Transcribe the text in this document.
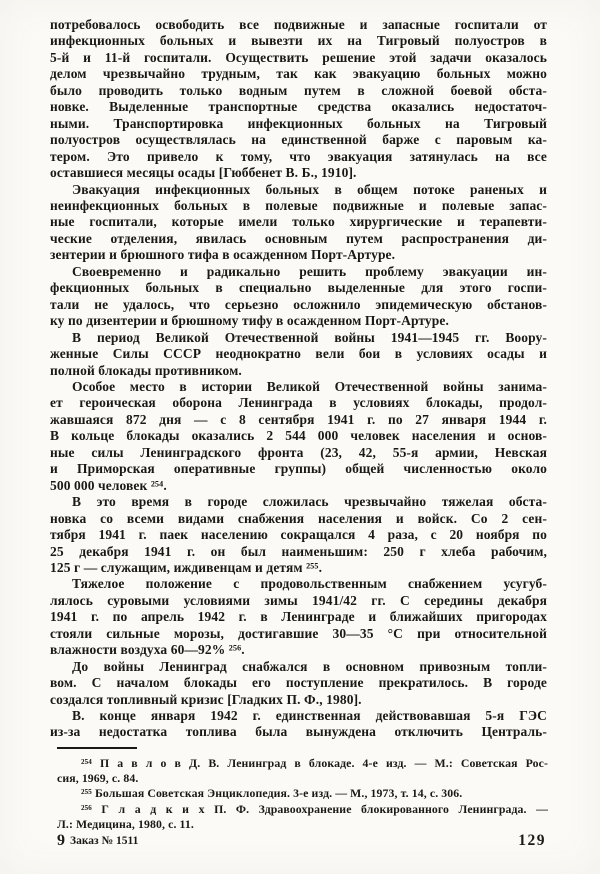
потребовалось освободить все подвижные и запасные госпитали от
инфекционных больных и вывезти их на Тигровый полуостров в
5-й и 11-й госпитали. Осуществить решение этой задачи оказалось
делом чрезвычайно трудным, так как эвакуацию больных можно
было проводить только водным путем в сложной боевой обста-
новке. Выделенные транспортные средства оказались недостаточ-
ными. Транспортировка инфекционных больных на Тигровый
полуостров осуществлялась на единственной барже с паровым ка-
тером. Это привело к тому, что эвакуация затянулась на все
оставшиеся месяцы осады [Гюббенет В. Б., 1910].
Эвакуация инфекционных больных в общем потоке раненых и
неинфекционных больных в полевые подвижные и полевые запас-
ные госпитали, которые имели только хирургические и терапевти-
ческие отделения, явилась основным путем распространения ди-
зентерии и брюшного тифа в осажденном Порт-Артуре.
Своевременно и радикально решить проблему эвакуации ин-
фекционных больных в специально выделенные для этого госпи-
тали не удалось, что серьезно осложнило эпидемическую обстанов-
ку по дизентерии и брюшному тифу в осажденном Порт-Артуре.
В период Великой Отечественной войны 1941—1945 гг. Воору-
женные Силы СССР неоднократно вели бои в условиях осады и
полной блокады противником.
Особое место в истории Великой Отечественной войны занима-
ет героическая оборона Ленинграда в условиях блокады, продол-
жавшаяся 872 дня — с 8 сентября 1941 г. по 27 января 1944 г.
В кольце блокады оказались 2 544 000 человек населения и основ-
ные силы Ленинградского фронта (23, 42, 55-я армии, Невская
и Приморская оперативные группы) общей численностью около
500 000 человек ²⁵⁴.
В это время в городе сложилась чрезвычайно тяжелая обста-
новка со всеми видами снабжения населения и войск. Со 2 сен-
тября 1941 г. паек населению сокращался 4 раза, с 20 ноября по
25 декабря 1941 г. он был наименьшим: 250 г хлеба рабочим,
125 г — служащим, иждивенцам и детям ²⁵⁵.
Тяжелое положение с продовольственным снабжением усугуб-
лялось суровыми условиями зимы 1941/42 гг. С середины декабря
1941 г. по апрель 1942 г. в Ленинграде и ближайших пригородах
стояли сильные морозы, достигавшие 30—35 °С при относительной
влажности воздуха 60—92% ²⁵⁶.
До войны Ленинград снабжался в основном привозным топли-
вом. С началом блокады его поступление прекратилось. В городе
создался топливный кризис [Гладких П. Ф., 1980].
В. конце января 1942 г. единственная действовавшая 5-я ГЭС
из-за недостатка топлива была вынуждена отключить Централь-
²⁵⁴ П а в л о в Д. В. Ленинград в блокаде. 4-е изд. — М.: Советская Рос-
сия, 1969, с. 84.
²⁵⁵ Большая Советская Энциклопедия. 3-е изд. — М., 1973, т. 14, с. 306.
²⁵⁶ Г л а д к и х П. Ф. Здравоохранение блокированного Ленинграда. —
Л.: Медицина, 1980, с. 11.
9 Заказ № 1511	129
